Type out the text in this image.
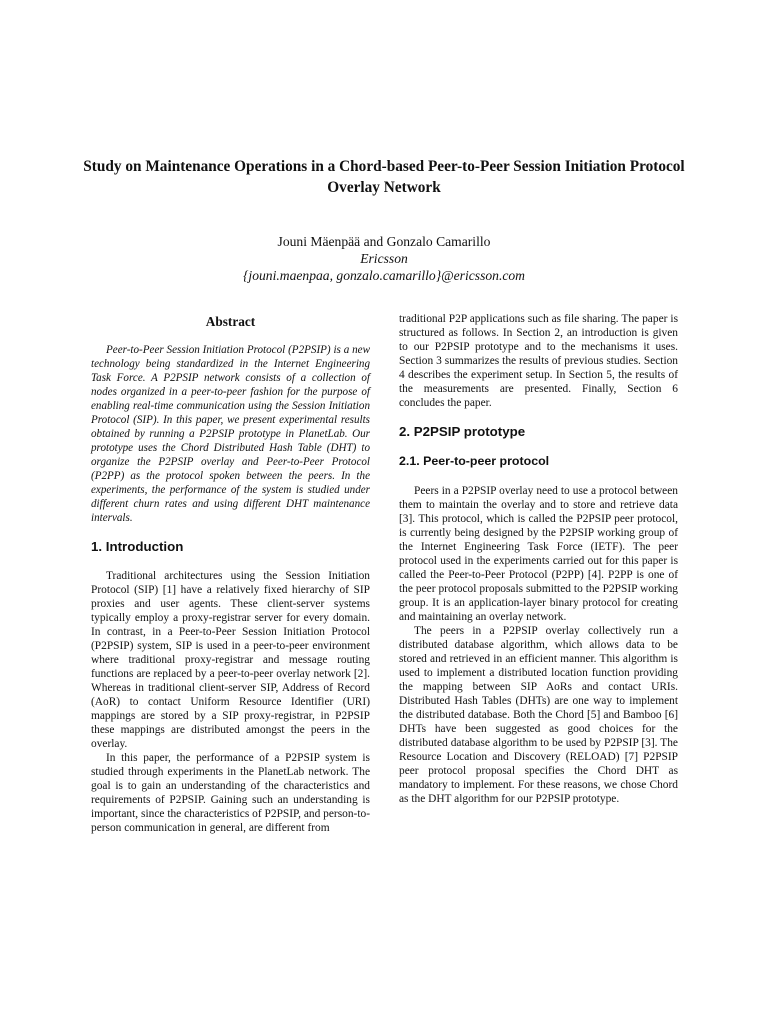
Study on Maintenance Operations in a Chord-based Peer-to-Peer Session Initiation Protocol Overlay Network
Jouni Mäenpää and Gonzalo Camarillo
Ericsson
{jouni.maenpaa, gonzalo.camarillo}@ericsson.com
Abstract

Peer-to-Peer Session Initiation Protocol (P2PSIP) is a new technology being standardized in the Internet Engineering Task Force. A P2PSIP network consists of a collection of nodes organized in a peer-to-peer fashion for the purpose of enabling real-time communication using the Session Initiation Protocol (SIP). In this paper, we present experimental results obtained by running a P2PSIP prototype in PlanetLab. Our prototype uses the Chord Distributed Hash Table (DHT) to organize the P2PSIP overlay and Peer-to-Peer Protocol (P2PP) as the protocol spoken between the peers. In the experiments, the performance of the system is studied under different churn rates and using different DHT maintenance intervals.

1. Introduction

Traditional architectures using the Session Initiation Protocol (SIP) [1] have a relatively fixed hierarchy of SIP proxies and user agents. These client-server systems typically employ a proxy-registrar server for every domain. In contrast, in a Peer-to-Peer Session Initiation Protocol (P2PSIP) system, SIP is used in a peer-to-peer environment where traditional proxy-registrar and message routing functions are replaced by a peer-to-peer overlay network [2]. Whereas in traditional client-server SIP, Address of Record (AoR) to contact Uniform Resource Identifier (URI) mappings are stored by a SIP proxy-registrar, in P2PSIP these mappings are distributed amongst the peers in the overlay.

In this paper, the performance of a P2PSIP system is studied through experiments in the PlanetLab network. The goal is to gain an understanding of the characteristics and requirements of P2PSIP. Gaining such an understanding is important, since the characteristics of P2PSIP, and person-to-person communication in general, are different from

traditional P2P applications such as file sharing. The paper is structured as follows. In Section 2, an introduction is given to our P2PSIP prototype and to the mechanisms it uses. Section 3 summarizes the results of previous studies. Section 4 describes the experiment setup. In Section 5, the results of the measurements are presented. Finally, Section 6 concludes the paper.

2. P2PSIP prototype
2.1. Peer-to-peer protocol

Peers in a P2PSIP overlay need to use a protocol between them to maintain the overlay and to store and retrieve data [3]. This protocol, which is called the P2PSIP peer protocol, is currently being designed by the P2PSIP working group of the Internet Engineering Task Force (IETF). The peer protocol used in the experiments carried out for this paper is called the Peer-to-Peer Protocol (P2PP) [4]. P2PP is one of the peer protocol proposals submitted to the P2PSIP working group. It is an application-layer binary protocol for creating and maintaining an overlay network.

The peers in a P2PSIP overlay collectively run a distributed database algorithm, which allows data to be stored and retrieved in an efficient manner. This algorithm is used to implement a distributed location function providing the mapping between SIP AoRs and contact URIs. Distributed Hash Tables (DHTs) are one way to implement the distributed database. Both the Chord [5] and Bamboo [6] DHTs have been suggested as good choices for the distributed database algorithm to be used by P2PSIP [3]. The Resource Location and Discovery (RELOAD) [7] P2PSIP peer protocol proposal specifies the Chord DHT as mandatory to implement. For these reasons, we chose Chord as the DHT algorithm for our P2PSIP prototype.
